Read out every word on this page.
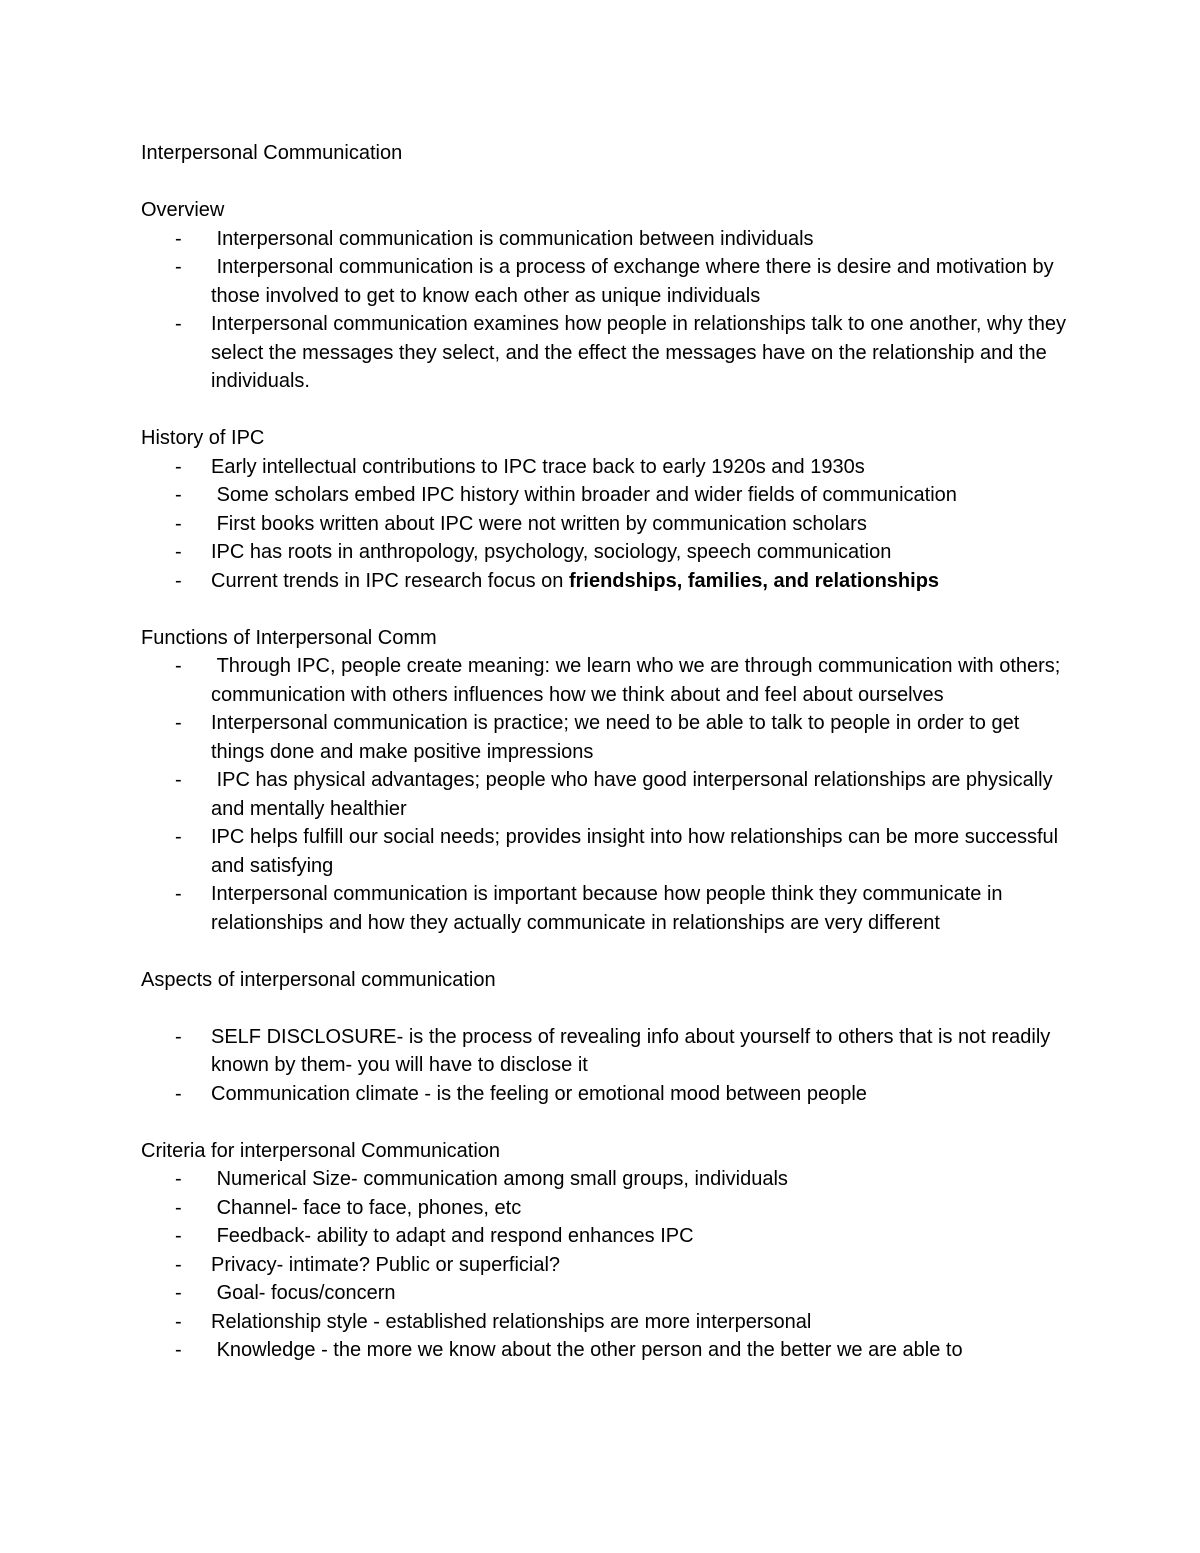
Interpersonal Communication
Overview
- Interpersonal communication is communication between individuals
- Interpersonal communication is a process of exchange where there is desire and motivation by those involved to get to know each other as unique individuals
- Interpersonal communication examines how people in relationships talk to one another, why they select the messages they select, and the effect the messages have on the relationship and the individuals.
History of IPC
- Early intellectual contributions to IPC trace back to early 1920s and 1930s
- Some scholars embed IPC history within broader and wider fields of communication
- First books written about IPC were not written by communication scholars
- IPC has roots in anthropology, psychology, sociology, speech communication
- Current trends in IPC research focus on friendships, families, and relationships
Functions of Interpersonal Comm
- Through IPC, people create meaning: we learn who we are through communication with others; communication with others influences how we think about and feel about ourselves
- Interpersonal communication is practice; we need to be able to talk to people in order to get things done and make positive impressions
- IPC has physical advantages; people who have good interpersonal relationships are physically and mentally healthier
- IPC helps fulfill our social needs; provides insight into how relationships can be more successful and satisfying
- Interpersonal communication is important because how people think they communicate in relationships and how they actually communicate in relationships are very different
Aspects of interpersonal communication
- SELF DISCLOSURE- is the process of revealing info about yourself to others that is not readily known by them- you will have to disclose it
- Communication climate - is the feeling or emotional mood between people
Criteria for interpersonal Communication
- Numerical Size- communication among small groups, individuals
- Channel- face to face, phones, etc
- Feedback- ability to adapt and respond enhances IPC
- Privacy- intimate? Public or superficial?
- Goal- focus/concern
- Relationship style - established relationships are more interpersonal
- Knowledge - the more we know about the other person and the better we are able to
